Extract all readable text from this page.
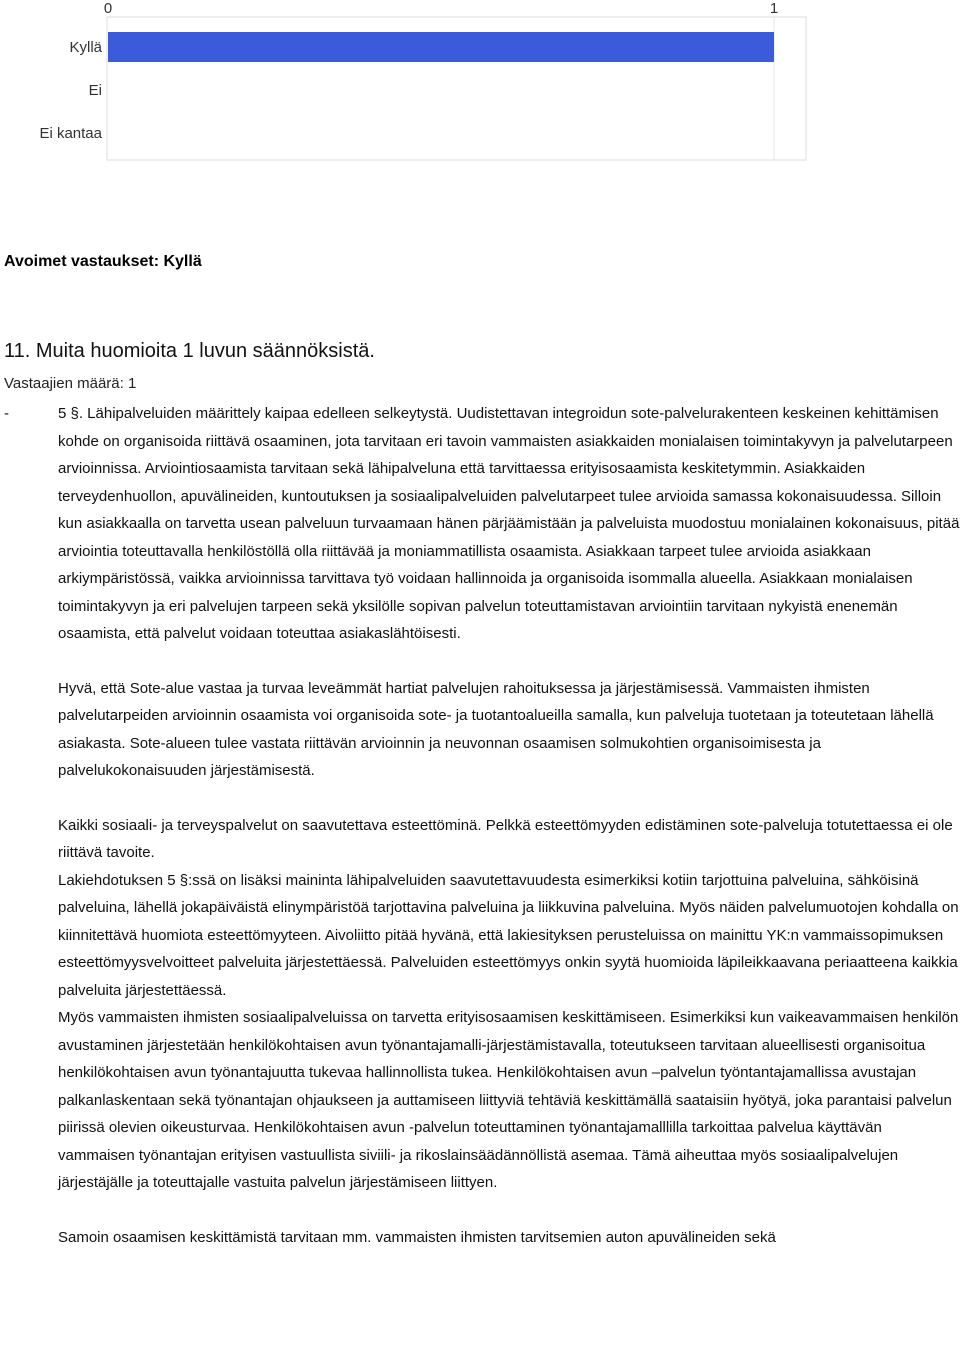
Kyllä
Ei
Ei kantaa
0	1
Avoimet vastaukset: Kyllä
11. Muita huomioita 1 luvun säännöksistä.
Vastaajien määrä: 1
-	5 §. Lähipalveluiden määrittely kaipaa edelleen selkeytystä. Uudistettavan integroidun sote-palvelurakenteen keskeinen kehittämisen kohde on organisoida riittävä osaaminen, jota tarvitaan eri tavoin vammaisten asiakkaiden monialaisen toimintakyvyn ja palvelutarpeen arvioinnissa. Arviointiosaamista tarvitaan sekä lähipalveluna että tarvittaessa erityisosaamista keskitetymmin. Asiakkaiden terveydenhuollon, apuvälineiden, kuntoutuksen ja sosiaalipalveluiden palvelutarpeet tulee arvioida samassa kokonaisuudessa. Silloin kun asiakkaalla on tarvetta usean palveluun turvaamaan hänen pärjäämistään ja palveluista muodostuu monialainen kokonaisuus, pitää arviointia toteuttavalla henkilöstöllä olla riittävää ja moniammatillista osaamista. Asiakkaan tarpeet tulee arvioida asiakkaan arkiympäristössä, vaikka arvioinnissa tarvittava työ voidaan hallinnoida ja organisoida isommalla alueella. Asiakkaan monialaisen toimintakyvyn ja eri palvelujen tarpeen sekä yksilölle sopivan palvelun toteuttamistavan arviointiin tarvitaan nykyistä enenemän osaamista, että palvelut voidaan toteuttaa asiakaslähtöisesti.

Hyvä, että Sote-alue vastaa ja turvaa leveämmät hartiat palvelujen rahoituksessa ja järjestämisessä. Vammaisten ihmisten palvelutarpeiden arvioinnin osaamista voi organisoida sote- ja tuotantoalueilla samalla, kun palveluja tuotetaan ja toteutetaan lähellä asiakasta. Sote-alueen tulee vastata riittävän arvioinnin ja neuvonnan osaamisen solmukohtien organisoimisesta ja palvelukokonaisuuden järjestämisestä.

Kaikki sosiaali- ja terveyspalvelut on saavutettava esteettöminä. Pelkkä esteettömyyden edistäminen sote-palveluja totutettaessa ei ole riittävä tavoite.

Lakiehdotuksen 5 §:ssä on lisäksi maininta lähipalveluiden saavutettavuudesta esimerkiksi kotiin tarjottuina palveluina, sähköisinä palveluina, lähellä jokapäiväistä elinympäristöä tarjottavina palveluina ja liikkuvina palveluina. Myös näiden palvelumuotojen kohdalla on kiinnitettävä huomiota esteettömyyteen. Aivoliitto pitää hyvänä, että lakiesityksen perusteluissa on mainittu YK:n vammaissopimuksen esteettömyysvelvoitteet palveluita järjestettäessä. Palveluiden esteettömyys onkin syytä huomioida läpileikkaavana periaatteena kaikkia palveluita järjestettäessä.

Myös vammaisten ihmisten sosiaalipalveluissa on tarvetta erityisosaamisen keskittämiseen. Esimerkiksi kun vaikeavammaisen henkilön avustaminen järjestetään henkilökohtaisen avun työnantajamalli-järjestämistavalla, toteutukseen tarvitaan alueellisesti organisoitua henkilökohtaisen avun työnantajuutta tukevaa hallinnollista tukea. Henkilökohtaisen avun –palvelun työntantajamallissa avustajan palkanlaskentaan sekä työnantajan ohjaukseen ja auttamiseen liittyviä tehtäviä keskittämällä saataisiin hyötyä, joka parantaisi palvelun piirissä olevien oikeusturvaa. Henkilökohtaisen avun -palvelun toteuttaminen työnantajamalllilla tarkoittaa palvelua käyttävän vammaisen työnantajan erityisen vastuullista siviili- ja rikoslainsäädännöllistä asemaa. Tämä aiheuttaa myös sosiaalipalvelujen järjestäjälle ja toteuttajalle vastuita palvelun järjestämiseen liittyen.

Samoin osaamisen keskittämistä tarvitaan mm. vammaisten ihmisten tarvitsemien auton apuvälineiden sekä
